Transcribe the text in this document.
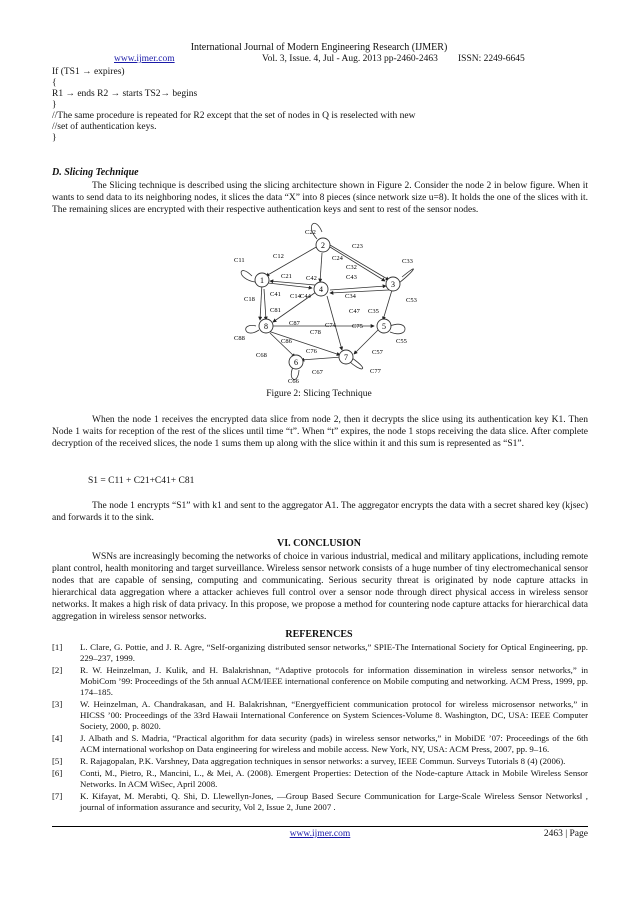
International Journal of Modern Engineering Research (IJMER)
www.ijmer.com	Vol. 3, Issue. 4, Jul - Aug. 2013 pp-2460-2463 ISSN: 2249-6645
If (TS1 → expires)
{
R1 → ends R2 → starts TS2→ begins
}
//The same procedure is repeated for R2 except that the set of nodes in Q is reselected with new
//set of authentication keys.
}
D. Slicing Technique
The Slicing technique is described using the slicing architecture shown in Figure 2. Consider the node 2 in below figure. When it wants to send data to its neighboring nodes, it slices the data “X” into 8 pieces (since network size u=8). It holds the one of the slices with it. The remaining slices are encrypted with their respective authentication keys and sent to rest of the sensor nodes.
2
1	3
4
5
8
7
6
C22
C11
C12
C21 C42
C23
C24
C32
C43
C33
C41 C14 C44	C34
C18
C81	C47 C35
C53
C87	C74 C75
C88
C78
C86
C76	C57
C55
C68
C67	C77
C66
Figure 2: Slicing Technique
When the node 1 receives the encrypted data slice from node 2, then it decrypts the slice using its authentication key K1. Then Node 1 waits for reception of the rest of the slices until time “t”. When “t” expires, the node 1 stops receiving the data slice. After complete decryption of the received slices, the node 1 sums them up along with the slice within it and this sum is represented as “S1”.
S1 = C11 + C21+C41+ C81
The node 1 encrypts “S1” with k1 and sent to the aggregator A1. The aggregator encrypts the data with a secret shared key (kjsec) and forwards it to the sink.
VI. CONCLUSION
WSNs are increasingly becoming the networks of choice in various industrial, medical and military applications, including remote plant control, health monitoring and target surveillance. Wireless sensor network consists of a huge number of tiny electromechanical sensor nodes that are capable of sensing, computing and communicating. Serious security threat is originated by node capture attacks in hierarchical data aggregation where a attacker achieves full control over a sensor node through direct physical access in wireless sensor networks. It makes a high risk of data privacy. In this propose, we propose a method for countering node capture attacks for hierarchical data aggregation in wireless sensor networks.
REFERENCES
[1]	L. Clare, G. Pottie, and J. R. Agre, “Self-organizing distributed sensor networks,” SPIE-The International Society for Optical Engineering, pp. 229–237, 1999.
[2]	R. W. Heinzelman, J. Kulik, and H. Balakrishnan, “Adaptive protocols for information dissemination in wireless sensor networks,” in MobiCom ’99: Proceedings of the 5th annual ACM/IEEE international conference on Mobile computing and networking. ACM Press, 1999, pp. 174–185.
[3]	W. Heinzelman, A. Chandrakasan, and H. Balakrishnan, “Energyefficient communication protocol for wireless microsensor networks,” in HICSS ’00: Proceedings of the 33rd Hawaii International Conference on System Sciences-Volume 8. Washington, DC, USA: IEEE Computer Society, 2000, p. 8020.
[4]	J. Albath and S. Madria, “Practical algorithm for data security (pads) in wireless sensor networks,” in MobiDE ’07: Proceedings of the 6th ACM international workshop on Data engineering for wireless and mobile access. New York, NY, USA: ACM Press, 2007, pp. 9–16.
[5]	R. Rajagopalan, P.K. Varshney, Data aggregation techniques in sensor networks: a survey, IEEE Commun. Surveys Tutorials 8 (4) (2006).
[6]	Conti, M., Pietro, R., Mancini, L., & Mei, A. (2008). Emergent Properties: Detection of the Node-capture Attack in Mobile Wireless Sensor Networks. In ACM WiSec, April 2008.
[7]	K. Kifayat, M. Merabti, Q. Shi, D. Llewellyn-Jones, ―Group Based Secure Communication for Large-Scale Wireless Sensor Networks‖ , journal of information assurance and security, Vol 2, Issue 2, June 2007 .
www.ijmer.com	2463 | Page
